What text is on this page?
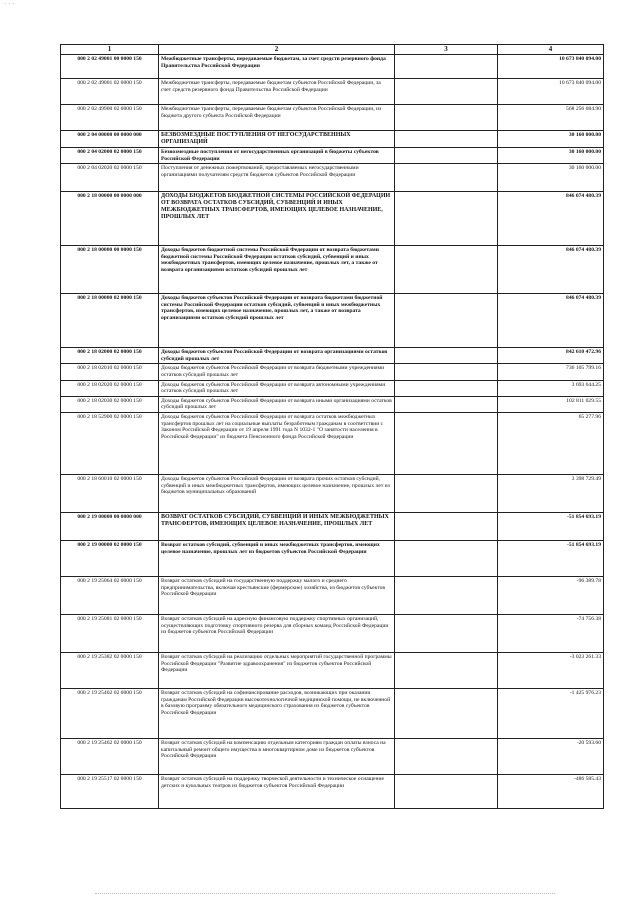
· · ·
1	2	3	4
000 2 02 49001 00 0000 150	Межбюджетные трансферты, передаваемые бюджетам, за счет средств резервного фонда Правительства Российской Федерации		10 673 840 094.00
000 2 02 49001 02 0000 150	Межбюджетные трансферты, передаваемые бюджетам субъектов Российской Федерации, за счет средств резервного фонда Правительства Российской Федерации		10 673 840 094.00
000 2 02 49900 02 0000 150	Межбюджетные трансферты, передаваемые бюджетам субъектов Российской Федерации, из бюджета другого субъекта Российской Федерации		568 256 084.90
000 2 04 00000 00 0000 000	БЕЗВОЗМЕЗДНЫЕ ПОСТУПЛЕНИЯ ОТ НЕГОСУДАРСТВЕННЫХ ОРГАНИЗАЦИЙ		30 160 000.00
000 2 04 02000 02 0000 150	Безвозмездные поступления от негосударственных организаций в бюджеты субъектов Российской Федерации		30 160 000.00
000 2 04 02020 02 0000 150	Поступления от денежных пожертвований, предоставляемых негосударственными организациями получателям средств бюджетов субъектов Российской Федерации		30 160 000.00
000 2 18 00000 00 0000 000	ДОХОДЫ БЮДЖЕТОВ БЮДЖЕТНОЙ СИСТЕМЫ РОССИЙСКОЙ ФЕДЕРАЦИИ ОТ ВОЗВРАТА ОСТАТКОВ СУБСИДИЙ, СУБВЕНЦИЙ И ИНЫХ МЕЖБЮДЖЕТНЫХ ТРАНСФЕРТОВ, ИМЕЮЩИХ ЦЕЛЕВОЕ НАЗНАЧЕНИЕ, ПРОШЛЫХ ЛЕТ		846 074 480.39
000 2 18 00000 00 0000 150	Доходы бюджетов бюджетной системы Российской Федерации от возврата бюджетами бюджетной системы Российской Федерации остатков субсидий, субвенций и иных межбюджетных трансфертов, имеющих целевое назначение, прошлых лет, а также от возврата организациями остатков субсидий прошлых лет		846 074 480.39
000 2 18 00000 02 0000 150	Доходы бюджетов субъектов Российской Федерации от возврата бюджетами бюджетной системы Российской Федерации остатков субсидий, субвенций и иных межбюджетных трансфертов, имеющих целевое назначение, прошлых лет, а также от возврата организациями остатков субсидий прошлых лет		846 074 480.39
000 2 18 02000 02 0000 150	Доходы бюджетов субъектов Российской Федерации от возврата организациями остатков субсидий прошлых лет		842 610 472.96
000 2 18 02010 02 0000 150	Доходы бюджетов субъектов Российской Федерации от возврата бюджетными учреждениями остатков субсидий прошлых лет		736 105 799.16
000 2 18 02020 02 0000 150	Доходы бюджетов субъектов Российской Федерации от возврата автономными учреждениями остатков субсидий прошлых лет		3 693 644.25
000 2 18 02030 02 0000 150	Доходы бюджетов субъектов Российской Федерации от возврата иными организациями остатков субсидий прошлых лет		102 811 029.55
000 2 18 52900 02 0000 150	Доходы бюджетов субъектов Российской Федерации от возврата остатков межбюджетных трансфертов прошлых лет на социальные выплаты безработным гражданам в соответствии с Законом Российской Федерации от 19 апреля 1991 года N 1032-1 "О занятости населения в Российской Федерации" из бюджета Пенсионного фонда Российской Федерации		65 277.96
000 2 18 60010 02 0000 150	Доходы бюджетов субъектов Российской Федерации от возврата прочих остатков субсидий, субвенций и иных межбюджетных трансфертов, имеющих целевое назначение, прошлых лет из бюджетов муниципальных образований		3 398 729.49
000 2 19 00000 00 0000 000	ВОЗВРАТ ОСТАТКОВ СУБСИДИЙ, СУБВЕНЦИЙ И ИНЫХ МЕЖБЮДЖЕТНЫХ ТРАНСФЕРТОВ, ИМЕЮЩИХ ЦЕЛЕВОЕ НАЗНАЧЕНИЕ, ПРОШЛЫХ ЛЕТ		-51 854 693.19
000 2 19 00000 02 0000 150	Возврат остатков субсидий, субвенций и иных межбюджетных трансфертов, имеющих целевое назначение, прошлых лет из бюджетов субъектов Российской Федерации		-51 854 693.19
000 2 19 25064 02 0000 150	Возврат остатков субсидий на государственную поддержку малого и среднего предпринимательства, включая крестьянские (фермерские) хозяйства, из бюджетов субъектов Российской Федерации		-96 389.78
000 2 19 25081 02 0000 150	Возврат остатков субсидий на адресную финансовую поддержку спортивных организаций, осуществляющих подготовку спортивного резерва для сборных команд Российской Федерации из бюджетов субъектов Российской Федерации		-74 756.38
000 2 19 25382 02 0000 150	Возврат остатков субсидий на реализацию отдельных мероприятий государственной программы Российской Федерации "Развитие здравоохранения" из бюджетов субъектов Российской Федерации		-3 023 261.33
000 2 19 25402 02 0000 150	Возврат остатков субсидий на софинансирование расходов, возникающих при оказании гражданам Российской Федерации высокотехнологичной медицинской помощи, не включенной в базовую программу обязательного медицинского страхования из бюджетов субъектов Российской Федерации		-1 425 976.23
000 2 19 25462 02 0000 150	Возврат остатков субсидий на компенсацию отдельным категориям граждан оплаты взноса на капитальный ремонт общего имущества в многоквартирном доме из бюджетов субъектов Российской Федерации		-20 593.60
000 2 19 25517 02 0000 150	Возврат остатков субсидий на поддержку творческой деятельности и техническое оснащение детских и кукольных театров из бюджетов субъектов Российской Федерации		-486 585.43
